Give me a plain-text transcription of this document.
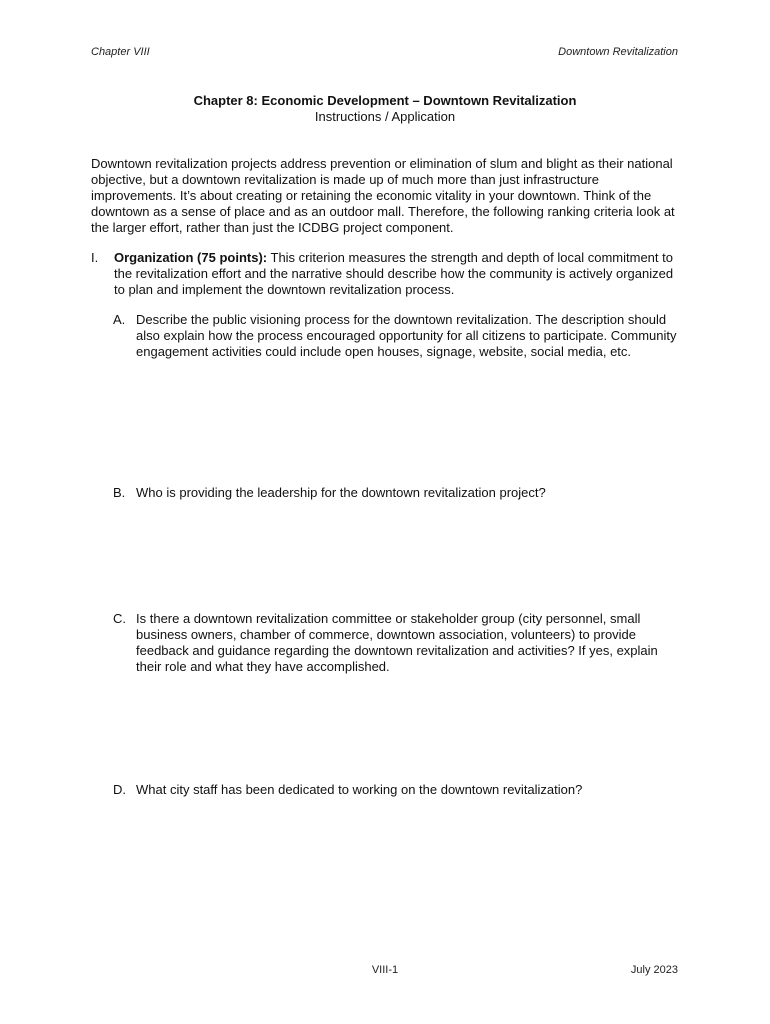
Chapter VIII	Downtown Revitalization
Chapter 8: Economic Development – Downtown Revitalization
Instructions / Application
Downtown revitalization projects address prevention or elimination of slum and blight as their national objective, but a downtown revitalization is made up of much more than just infrastructure improvements. It’s about creating or retaining the economic vitality in your downtown. Think of the downtown as a sense of place and as an outdoor mall. Therefore, the following ranking criteria look at the larger effort, rather than just the ICDBG project component.
I. Organization (75 points): This criterion measures the strength and depth of local commitment to the revitalization effort and the narrative should describe how the community is actively organized to plan and implement the downtown revitalization process.
A. Describe the public visioning process for the downtown revitalization. The description should also explain how the process encouraged opportunity for all citizens to participate. Community engagement activities could include open houses, signage, website, social media, etc.
B. Who is providing the leadership for the downtown revitalization project?
C. Is there a downtown revitalization committee or stakeholder group (city personnel, small business owners, chamber of commerce, downtown association, volunteers) to provide feedback and guidance regarding the downtown revitalization and activities? If yes, explain their role and what they have accomplished.
D. What city staff has been dedicated to working on the downtown revitalization?
VIII-1	July 2023
